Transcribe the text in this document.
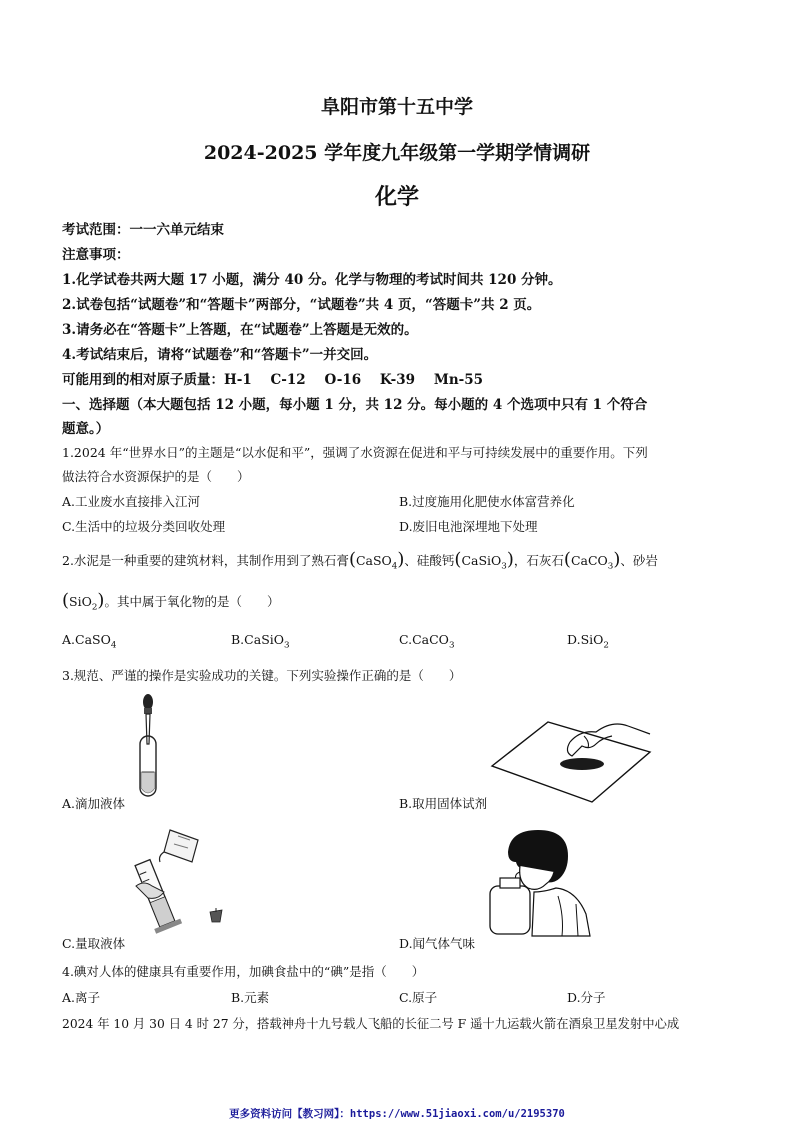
阜阳市第十五中学
2024-2025 学年度九年级第一学期学情调研
化学
考试范围：一一六单元结束
注意事项：
1.化学试卷共两大题 17 小题，满分 40 分。化学与物理的考试时间共 120 分钟。
2.试卷包括“试题卷”和“答题卡”两部分，“试题卷”共 4 页，“答题卡”共 2 页。
3.请务必在“答题卡”上答题，在“试题卷”上答题是无效的。
4.考试结束后，请将“试题卷”和“答题卡”一并交回。
可能用到的相对原子质量：H-1    C-12    O-16    K-39    Mn-55
一、选择题（本大题包括 12 小题，每小题 1 分，共 12 分。每小题的 4 个选项中只有 1 个符合
题意。）
1.2024 年“世界水日”的主题是“以水促和平”，强调了水资源在促进和平与可持续发展中的重要作用。下列
做法符合水资源保护的是（　　）
A.工业废水直接排入江河	B.过度施用化肥使水体富营养化
C.生活中的垃圾分类回收处理	D.废旧电池深埋地下处理
2.水泥是一种重要的建筑材料，其制作用到了熟石膏(CaSO$_4$)、硅酸钙(CaSiO$_3$)，石灰石(CaCO$_3$)、砂岩
(SiO$_2$)。其中属于氧化物的是（　　）
A.CaSO$_4$	B.CaSiO$_3$	C.CaCO$_3$	D.SiO$_2$
3.规范、严谨的操作是实验成功的关键。下列实验操作正确的是（　　）
A.滴加液体	B.取用固体试剂
C.量取液体	D.闻气体气味
4.碘对人体的健康具有重要作用，加碘食盐中的“碘”是指（　　）
A.离子	B.元素	C.原子	D.分子
2024 年 10 月 30 日 4 时 27 分，搭载神舟十九号载人飞船的长征二号 F 遥十九运载火箭在酒泉卫星发射中心成
更多资料访问【教习网】：https://www.51jiaoxi.com/u/2195370
